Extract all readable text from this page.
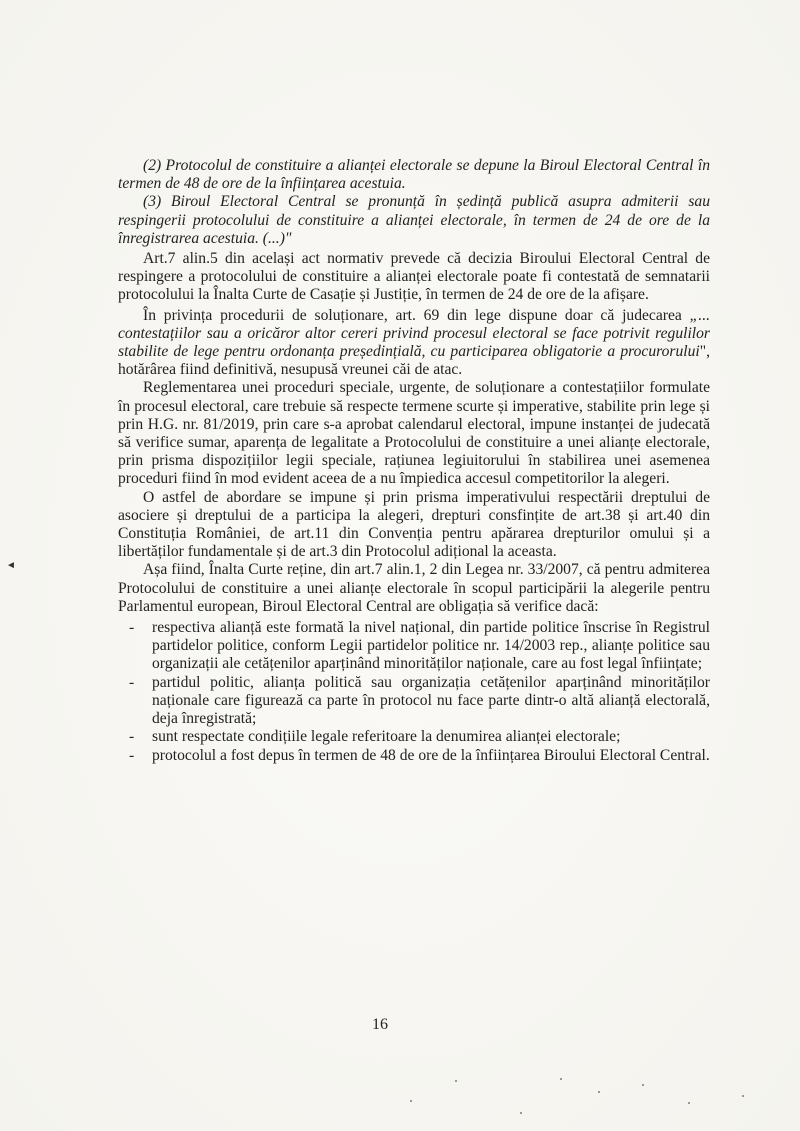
◄

(2) Protocolul de constituire a alianței electorale se depune la Biroul Electoral Central în termen de 48 de ore de la înființarea acestuia.

(3) Biroul Electoral Central se pronunță în ședință publică asupra admiterii sau respingerii protocolului de constituire a alianței electorale, în termen de 24 de ore de la înregistrarea acestuia. (...)"

Art.7 alin.5 din același act normativ prevede că decizia Biroului Electoral Central de respingere a protocolului de constituire a alianței electorale poate fi contestată de semnatarii protocolului la Înalta Curte de Casație și Justiție, în termen de 24 de ore de la afișare.

În privința procedurii de soluționare, art. 69 din lege dispune doar că judecarea „... contestațiilor sau a oricăror altor cereri privind procesul electoral se face potrivit regulilor stabilite de lege pentru ordonanța președințială, cu participarea obligatorie a procurorului", hotărârea fiind definitivă, nesupusă vreunei căi de atac.

Reglementarea unei proceduri speciale, urgente, de soluționare a contestațiilor formulate în procesul electoral, care trebuie să respecte termene scurte și imperative, stabilite prin lege și prin H.G. nr. 81/2019, prin care s-a aprobat calendarul electoral, impune instanței de judecată să verifice sumar, aparența de legalitate a Protocolului de constituire a unei alianțe electorale, prin prisma dispozițiilor legii speciale, rațiunea legiuitorului în stabilirea unei asemenea proceduri fiind în mod evident aceea de a nu împiedica accesul competitorilor la alegeri.

O astfel de abordare se impune și prin prisma imperativului respectării dreptului de asociere și dreptului de a participa la alegeri, drepturi consfințite de art.38 și art.40 din Constituția României, de art.11 din Convenția pentru apărarea drepturilor omului și a libertăților fundamentale și de art.3 din Protocolul adițional la aceasta.

Așa fiind, Înalta Curte reține, din art.7 alin.1, 2 din Legea nr. 33/2007, că pentru admiterea Protocolului de constituire a unei alianțe electorale în scopul participării la alegerile pentru Parlamentul european, Biroul Electoral Central are obligația să verifice dacă:

- respectiva alianță este formată la nivel național, din partide politice înscrise în Registrul partidelor politice, conform Legii partidelor politice nr. 14/2003 rep., alianțe politice sau organizații ale cetățenilor aparținând minorităților naționale, care au fost legal înființate;
- partidul politic, alianța politică sau organizația cetățenilor aparținând minorităților naționale care figurează ca parte în protocol nu face parte dintr-o altă alianță electorală, deja înregistrată;
- sunt respectate condițiile legale referitoare la denumirea alianței electorale;
- protocolul a fost depus în termen de 48 de ore de la înființarea Biroului Electoral Central.
16
